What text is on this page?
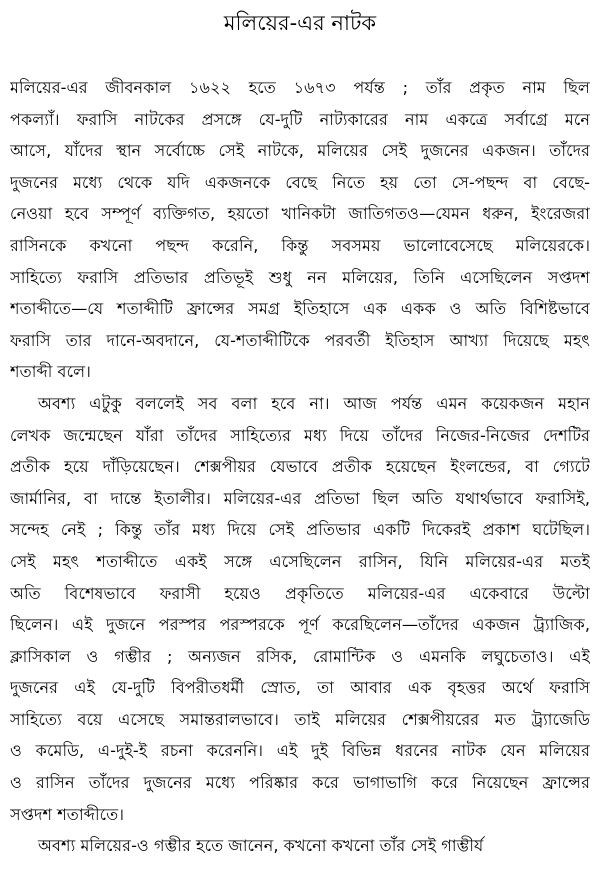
মলিয়ের-এর নাটক

মলিয়ের-এর জীবনকাল ১৬২২ হতে ১৬৭৩ পর্যন্ত ; তাঁর প্রকৃত নাম ছিল
পকল্যাঁ। ফরাসি নাটকের প্রসঙ্গে যে-দুটি নাট্যকারের নাম একত্রে সর্বাগ্রে মনে
আসে, যাঁদের স্থান সর্বোচ্চে সেই নাটকে, মলিয়ের সেই দুজনের একজন। তাঁদের
দুজনের মধ্যে থেকে যদি একজনকে বেছে নিতে হয় তো সে-পছন্দ বা বেছে-
নেওয়া হবে সম্পূর্ণ ব্যক্তিগত, হয়তো খানিকটা জাতিগতও—যেমন ধরুন, ইংরেজরা
রাসিনকে কখনো পছন্দ করেনি, কিন্তু সবসময় ভালোবেসেছে মলিয়েরকে।
সাহিত্যে ফরাসি প্রতিভার প্রতিভূই শুধু নন মলিয়ের, তিনি এসেছিলেন সপ্তদশ
শতাব্দীতে—যে শতাব্দীটি ফ্রান্সের সমগ্র ইতিহাসে এক একক ও অতি বিশিষ্টভাবে
ফরাসি তার দানে-অবদানে, যে-শতাব্দীটিকে পরবর্তী ইতিহাস আখ্যা দিয়েছে মহৎ
শতাব্দী বলে।

অবশ্য এটুকু বললেই সব বলা হবে না। আজ পর্যন্ত এমন কয়েকজন মহান
লেখক জন্মেছেন যাঁরা তাঁদের সাহিত্যের মধ্য দিয়ে তাঁদের নিজের-নিজের দেশটির
প্রতীক হয়ে দাঁড়িয়েছেন। শেক্সপীয়র যেভাবে প্রতীক হয়েছেন ইংলন্ডের, বা গ্যেটে
জার্মানির, বা দান্তে ইতালীর। মলিয়ের-এর প্রতিভা ছিল অতি যথার্থভাবে ফরাসিই,
সন্দেহ নেই ; কিন্তু তাঁর মধ্য দিয়ে সেই প্রতিভার একটি দিকেরই প্রকাশ ঘটেছিল।
সেই মহৎ শতাব্দীতে একই সঙ্গে এসেছিলেন রাসিন, যিনি মলিয়ের-এর মতই
অতি বিশেষভাবে ফরাসী হয়েও প্রকৃতিতে মলিয়ের-এর একেবারে উল্টো
ছিলেন। এই দুজনে পরস্পর পরস্পরকে পূর্ণ করেছিলেন—তাঁদের একজন ট্র্যাজিক,
ক্লাসিকাল ও গম্ভীর ; অন্যজন রসিক, রোমান্টিক ও এমনকি লঘুচেতাও। এই
দুজনের এই যে-দুটি বিপরীতধর্মী স্রোত, তা আবার এক বৃহত্তর অর্থে ফরাসি
সাহিত্যে বয়ে এসেছে সমান্তরালভাবে। তাই মলিয়ের শেক্সপীয়রের মত ট্র্যাজেডি
ও কমেডি, এ-দুই-ই রচনা করেননি। এই দুই বিভিন্ন ধরনের নাটক যেন মলিয়ের
ও রাসিন তাঁদের দুজনের মধ্যে পরিষ্কার করে ভাগাভাগি করে নিয়েছেন ফ্রান্সের
সপ্তদশ শতাব্দীতে।

অবশ্য মলিয়ের-ও গম্ভীর হতে জানেন, কখনো কখনো তাঁর সেই গাম্ভীর্য
